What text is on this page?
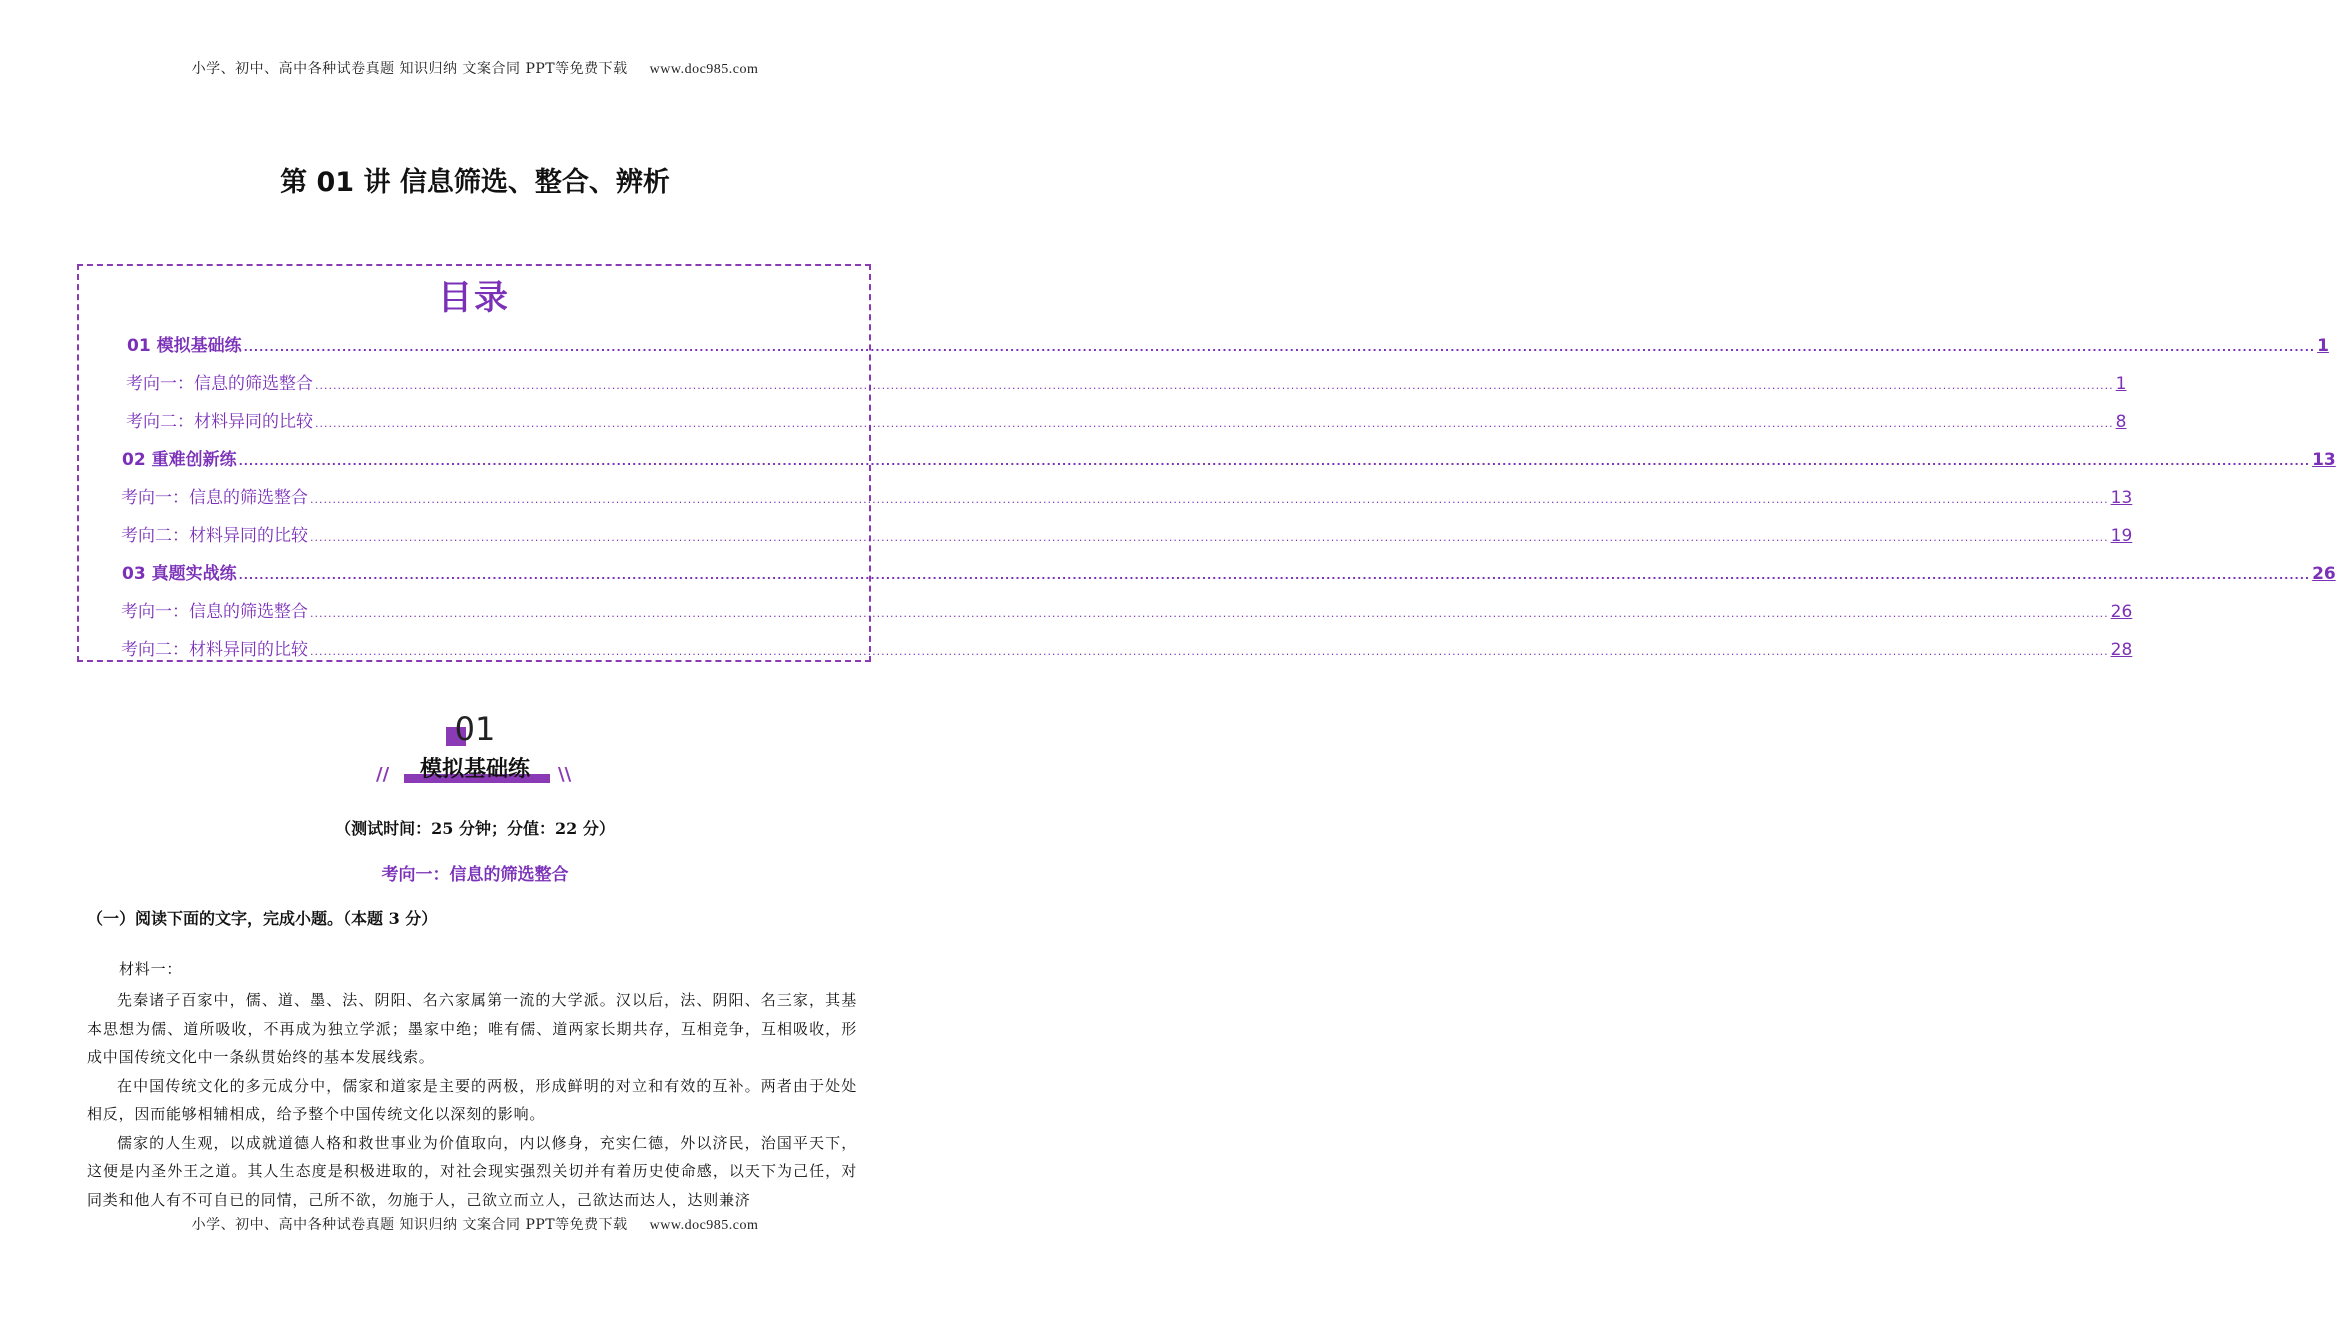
小学、初中、高中各种试卷真题 知识归纳 文案合同 PPT等免费下载 www.doc985.com
第 01 讲 信息筛选、整合、辨析
目录
01 模拟基础练 ................................................................................................................................................................................................................................................................................................................................................................................................................ 1
考向一：信息的筛选整合 ................................................................................................................................................................................................................................................................................................................................................................................................................ 1
考向二：材料异同的比较 ................................................................................................................................................................................................................................................................................................................................................................................................................ 8
02 重难创新练 ................................................................................................................................................................................................................................................................................................................................................................................................................ 13
考向一：信息的筛选整合 ................................................................................................................................................................................................................................................................................................................................................................................................................ 13
考向二：材料异同的比较 ................................................................................................................................................................................................................................................................................................................................................................................................................ 19
03 真题实战练 ................................................................................................................................................................................................................................................................................................................................................................................................................ 26
考向一：信息的筛选整合 ................................................................................................................................................................................................................................................................................................................................................................................................................ 26
考向二：材料异同的比较 ................................................................................................................................................................................................................................................................................................................................................................................................................ 28
01
模拟基础练
//	\\
（测试时间：25 分钟；分值：22 分）
考向一：信息的筛选整合
（一）阅读下面的文字，完成小题。（本题 3 分）
材料一：

先秦诸子百家中，儒、道、墨、法、阴阳、名六家属第一流的大学派。汉以后，法、阴阳、名三家，其基本思想为儒、道所吸收，不再成为独立学派；墨家中绝；唯有儒、道两家长期共存，互相竞争，互相吸收，形成中国传统文化中一条纵贯始终的基本发展线索。

在中国传统文化的多元成分中，儒家和道家是主要的两极，形成鲜明的对立和有效的互补。两者由于处处相反，因而能够相辅相成，给予整个中国传统文化以深刻的影响。

儒家的人生观，以成就道德人格和救世事业为价值取向，内以修身，充实仁德，外以济民，治国平天下，这便是内圣外王之道。其人生态度是积极进取的，对社会现实强烈关切并有着历史使命感，以天下为己任，对同类和他人有不可自已的同情，己所不欲，勿施于人，己欲立而立人，己欲达而达人，达则兼济

小学、初中、高中各种试卷真题 知识归纳 文案合同 PPT等免费下载 www.doc985.com
